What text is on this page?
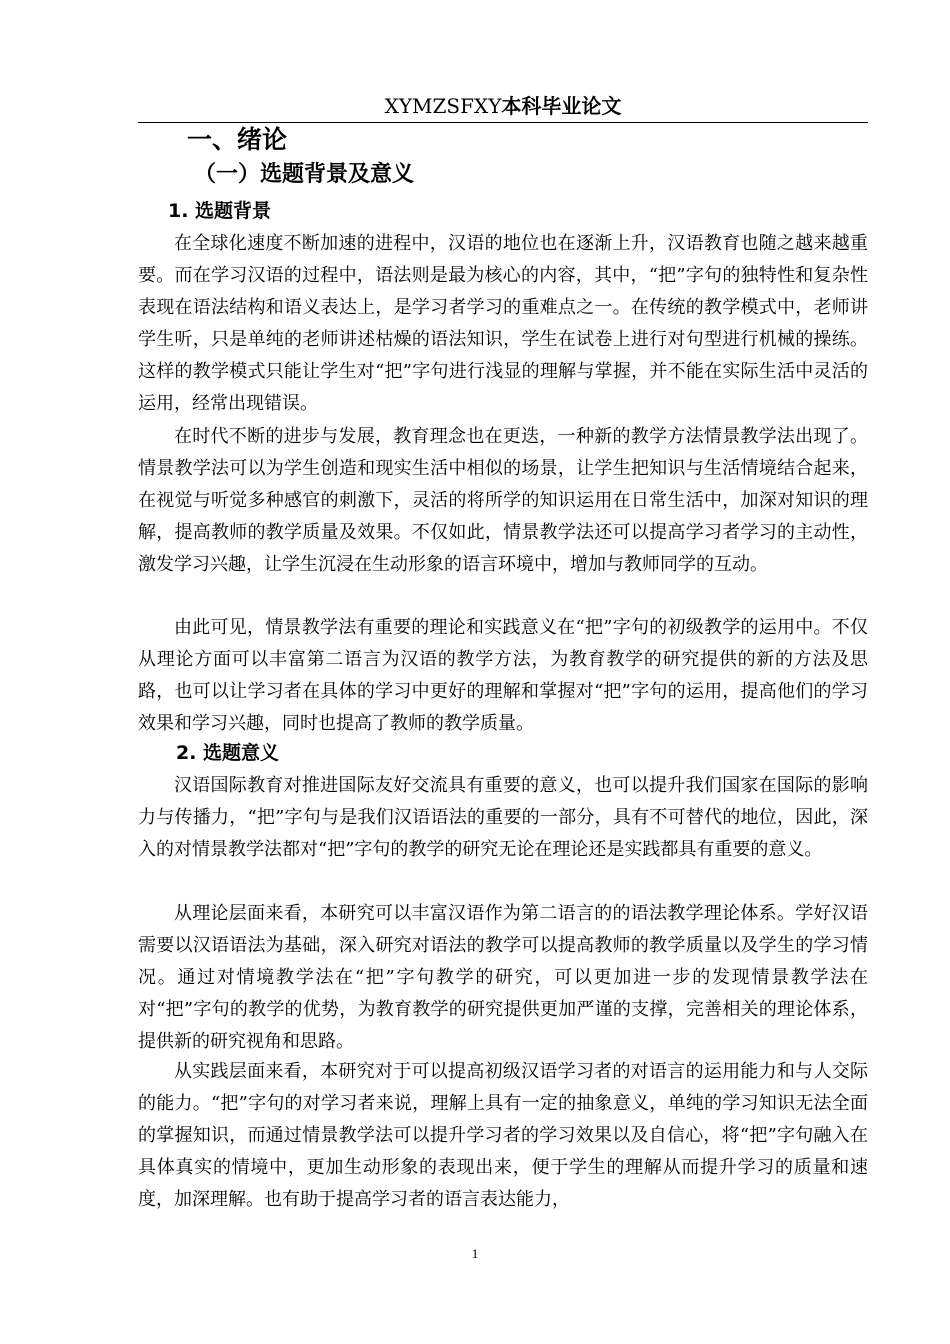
XYMZSFXY本科毕业论文
一、绪论
（一）选题背景及意义
1. 选题背景

在全球化速度不断加速的进程中，汉语的地位也在逐渐上升，汉语教育也随之越来越重要。而在学习汉语的过程中，语法则是最为核心的内容，其中，“把”字句的独特性和复杂性表现在语法结构和语义表达上，是学习者学习的重难点之一。在传统的教学模式中，老师讲学生听，只是单纯的老师讲述枯燥的语法知识，学生在试卷上进行对句型进行机械的操练。这样的教学模式只能让学生对“把”字句进行浅显的理解与掌握，并不能在实际生活中灵活的运用，经常出现错误。

在时代不断的进步与发展，教育理念也在更迭，一种新的教学方法情景教学法出现了。情景教学法可以为学生创造和现实生活中相似的场景，让学生把知识与生活情境结合起来，在视觉与听觉多种感官的刺激下，灵活的将所学的知识运用在日常生活中，加深对知识的理解，提高教师的教学质量及效果。不仅如此，情景教学法还可以提高学习者学习的主动性，激发学习兴趣，让学生沉浸在生动形象的语言环境中，增加与教师同学的互动。

由此可见，情景教学法有重要的理论和实践意义在“把”字句的初级教学的运用中。不仅从理论方面可以丰富第二语言为汉语的教学方法，为教育教学的研究提供的新的方法及思路，也可以让学习者在具体的学习中更好的理解和掌握对“把”字句的运用，提高他们的学习效果和学习兴趣，同时也提高了教师的教学质量。

2. 选题意义

汉语国际教育对推进国际友好交流具有重要的意义，也可以提升我们国家在国际的影响力与传播力，“把”字句与是我们汉语语法的重要的一部分，具有不可替代的地位，因此，深入的对情景教学法都对“把”字句的教学的研究无论在理论还是实践都具有重要的意义。

从理论层面来看，本研究可以丰富汉语作为第二语言的的语法教学理论体系。学好汉语需要以汉语语法为基础，深入研究对语法的教学可以提高教师的教学质量以及学生的学习情况。通过对情境教学法在“把”字句教学的研究，可以更加进一步的发现情景教学法在对“把”字句的教学的优势，为教育教学的研究提供更加严谨的支撑，完善相关的理论体系，提供新的研究视角和思路。

从实践层面来看，本研究对于可以提高初级汉语学习者的对语言的运用能力和与人交际的能力。“把”字句的对学习者来说，理解上具有一定的抽象意义，单纯的学习知识无法全面的掌握知识，而通过情景教学法可以提升学习者的学习效果以及自信心，将“把”字句融入在具体真实的情境中，更加生动形象的表现出来，便于学生的理解从而提升学习的质量和速度，加深理解。也有助于提高学习者的语言表达能力，

1
